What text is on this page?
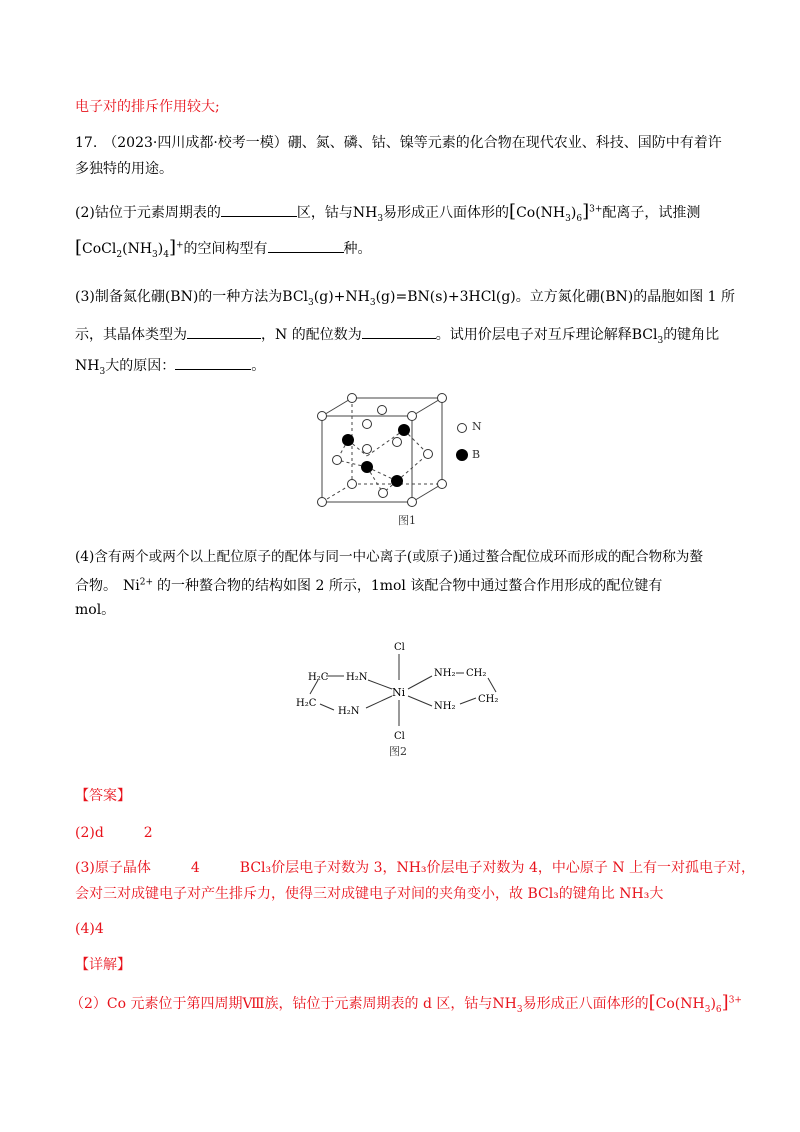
电子对的排斥作用较大;
17. （2023·四川成都·校考一模）硼、氮、磷、钴、镍等元素的化合物在现代农业、科技、国防中有着许
多独特的用途。
(2)钴位于元素周期表的	区，钴与$NH_3$易形成正八面体形的$[Co(NH_3)_6]^{3+}$配离子，试推测
$[CoCl_2(NH_3)_4]^+$的空间构型有	种。
(3)制备氮化硼(BN)的一种方法为$BCl_3(g)+NH_3(g)=BN(s)+3HCl(g)$。立方氮化硼(BN)的晶胞如图 1 所
示，其晶体类型为	，N 的配位数为	。试用价层电子对互斥理论解释BCl$_3$的键角比
$NH_3$大的原因：	。
N
B
图1
(4)含有两个或两个以上配位原子的配体与同一中心离子(或原子)通过螯合配位成环而形成的配合物称为螯
合物。 $Ni^{2+}$ 的一种螯合物的结构如图 2 所示，1mol 该配合物中通过螯合作用形成的配位键有
mol。
Cl
Cl
Ni
H₂C H₂N
H₂C
H₂N
NH₂ CH₂
NH₂
CH₂
图2
【答案】
(2)d	2
(3)原子晶体	4	BCl₃价层电子对数为 3，NH₃价层电子对数为 4，中心原子 N 上有一对孤电子对，
会对三对成键电子对产生排斥力，使得三对成键电子对间的夹角变小，故 BCl₃的键角比 NH₃大
(4)4
【详解】
（2）Co 元素位于第四周期Ⅷ族，钴位于元素周期表的 d 区，钴与$NH_3$易形成正八面体形的$[Co(NH_3)_6]^{3+}$
